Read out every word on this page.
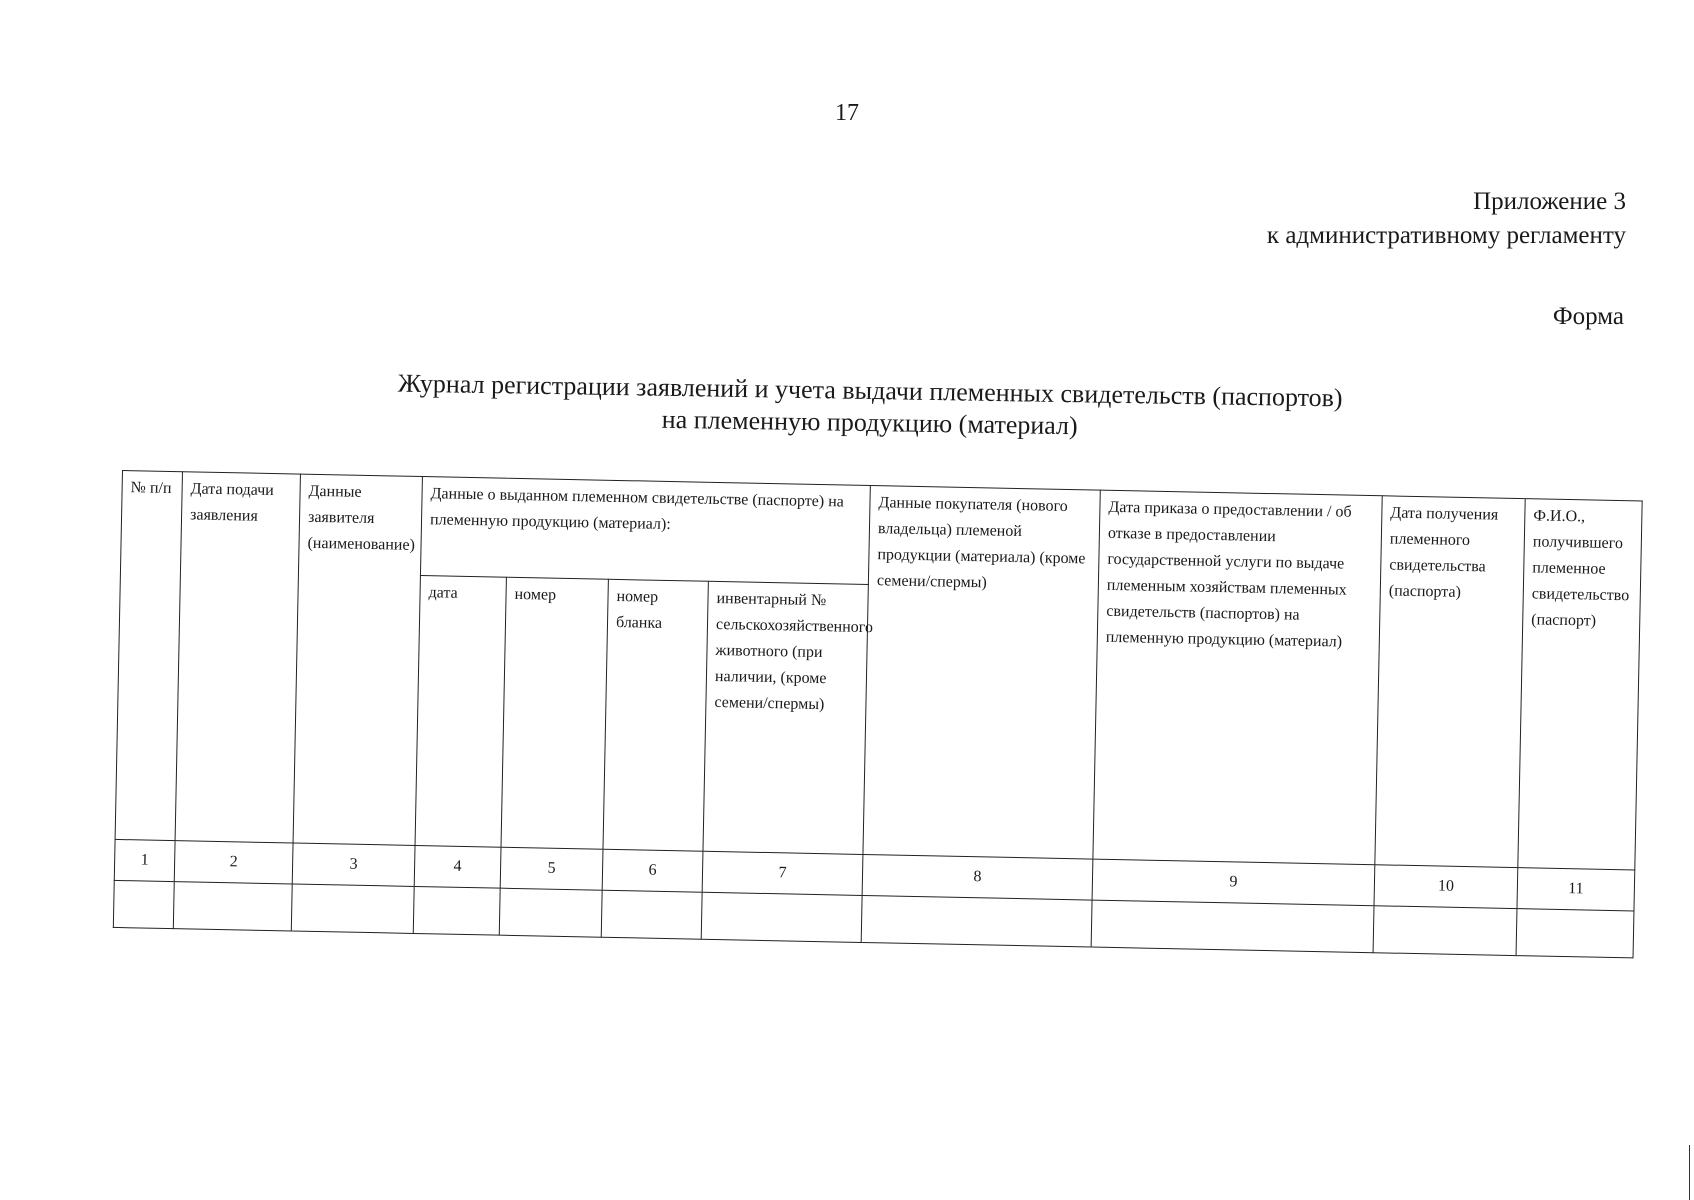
17
Приложение 3
к административному регламенту
Форма
Журнал регистрации заявлений и учета выдачи племенных свидетельств (паспортов)
на племенную продукцию (материал)
№ п/п	Дата подачи заявления	Данные заявителя (наименование)	Данные о выданном племенном свидетельстве (паспорте) на племенную продукцию (материал):				Данные покупателя (нового владельца) племеной продукции (материала) (кроме семени/спермы)	Дата приказа о предоставлении / об отказе в предоставлении государственной услуги по выдаче племенным хозяйствам племенных свидетельств (паспортов) на племенную продукцию (материал)	Дата получения племенного свидетельства (паспорта)	Ф.И.О., получившего племенное свидетельство (паспорт)
			дата	номер	номер бланка	инвентарный № сельскохозяйственного животного (при наличии, (кроме семени/спермы)				
1	2	3	4	5	6	7	8	9	10	11
